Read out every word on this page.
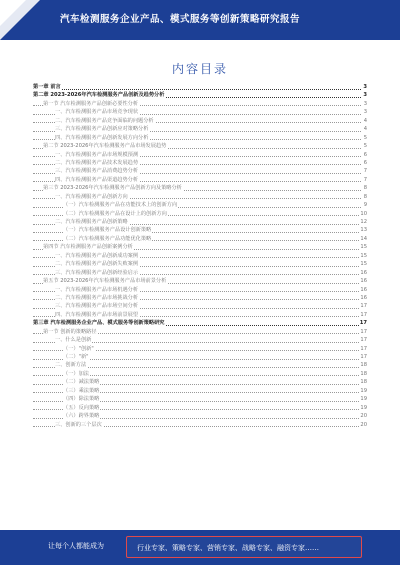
汽车检测服务企业产品、模式服务等创新策略研究报告
内容目录
第一章 前言	3
第二章 2023-2026年汽车检测服务产品创新及趋势分析	3
第一节 汽车检测服务产品创新必要性分析	3
一、汽车检测服务产品市场竞争现状	3
二、汽车检测服务产品竞争面临的问题分析	4
三、汽车检测服务产品创新应对策略分析	4
四、汽车检测服务产品创新发展方向分析	5
第二节 2023-2026年汽车检测服务产品市场发展趋势	5
一、汽车检测服务产品市场规模预测	6
二、汽车检测服务产品技术发展趋势	6
三、汽车检测服务产品消费趋势分析	7
四、汽车检测服务产品渠道趋势分析	7
第三节 2023-2026年汽车检测服务产品创新方向及策略分析	8
一、汽车检测服务产品创新方向	8
（一）汽车检测服务产品在功能技术上的创新方向	9
（二）汽车检测服务产品在设计上的创新方向	10
二、汽车检测服务产品创新策略	12
（一）汽车检测服务产品设计创新策略	13
（二）汽车检测服务产品功能优化策略	14
第四节 汽车检测服务产品创新案例分析	15
一、汽车检测服务产品创新成功案例	15
二、汽车检测服务产品创新失败案例	15
三、汽车检测服务产品创新经验启示	16
第五节 2023-2026年汽车检测服务产品市场前景分析	16
一、汽车检测服务产品市场机遇分析	16
二、汽车检测服务产品市场挑战分析	16
三、汽车检测服务产品市场空间分析	17
四、汽车检测服务产品市场前景展望	17
第三章 汽车检测服务企业产品、模式服务等创新策略研究	17
第一节 创新的策略路径	17
一、什么是创新	17
（一）"创新"	17
（二）"新"	17
二、创新方法	18
（一）加法	18
（二）减法策略	18
（三）乘法策略	19
（四）除法策略	19
（五）反向策略	19
（六）跨界策略	20
三、创新的三个层次	20
让每个人都能成为	行业专家、策略专家、营销专家、战略专家、融资专家……
